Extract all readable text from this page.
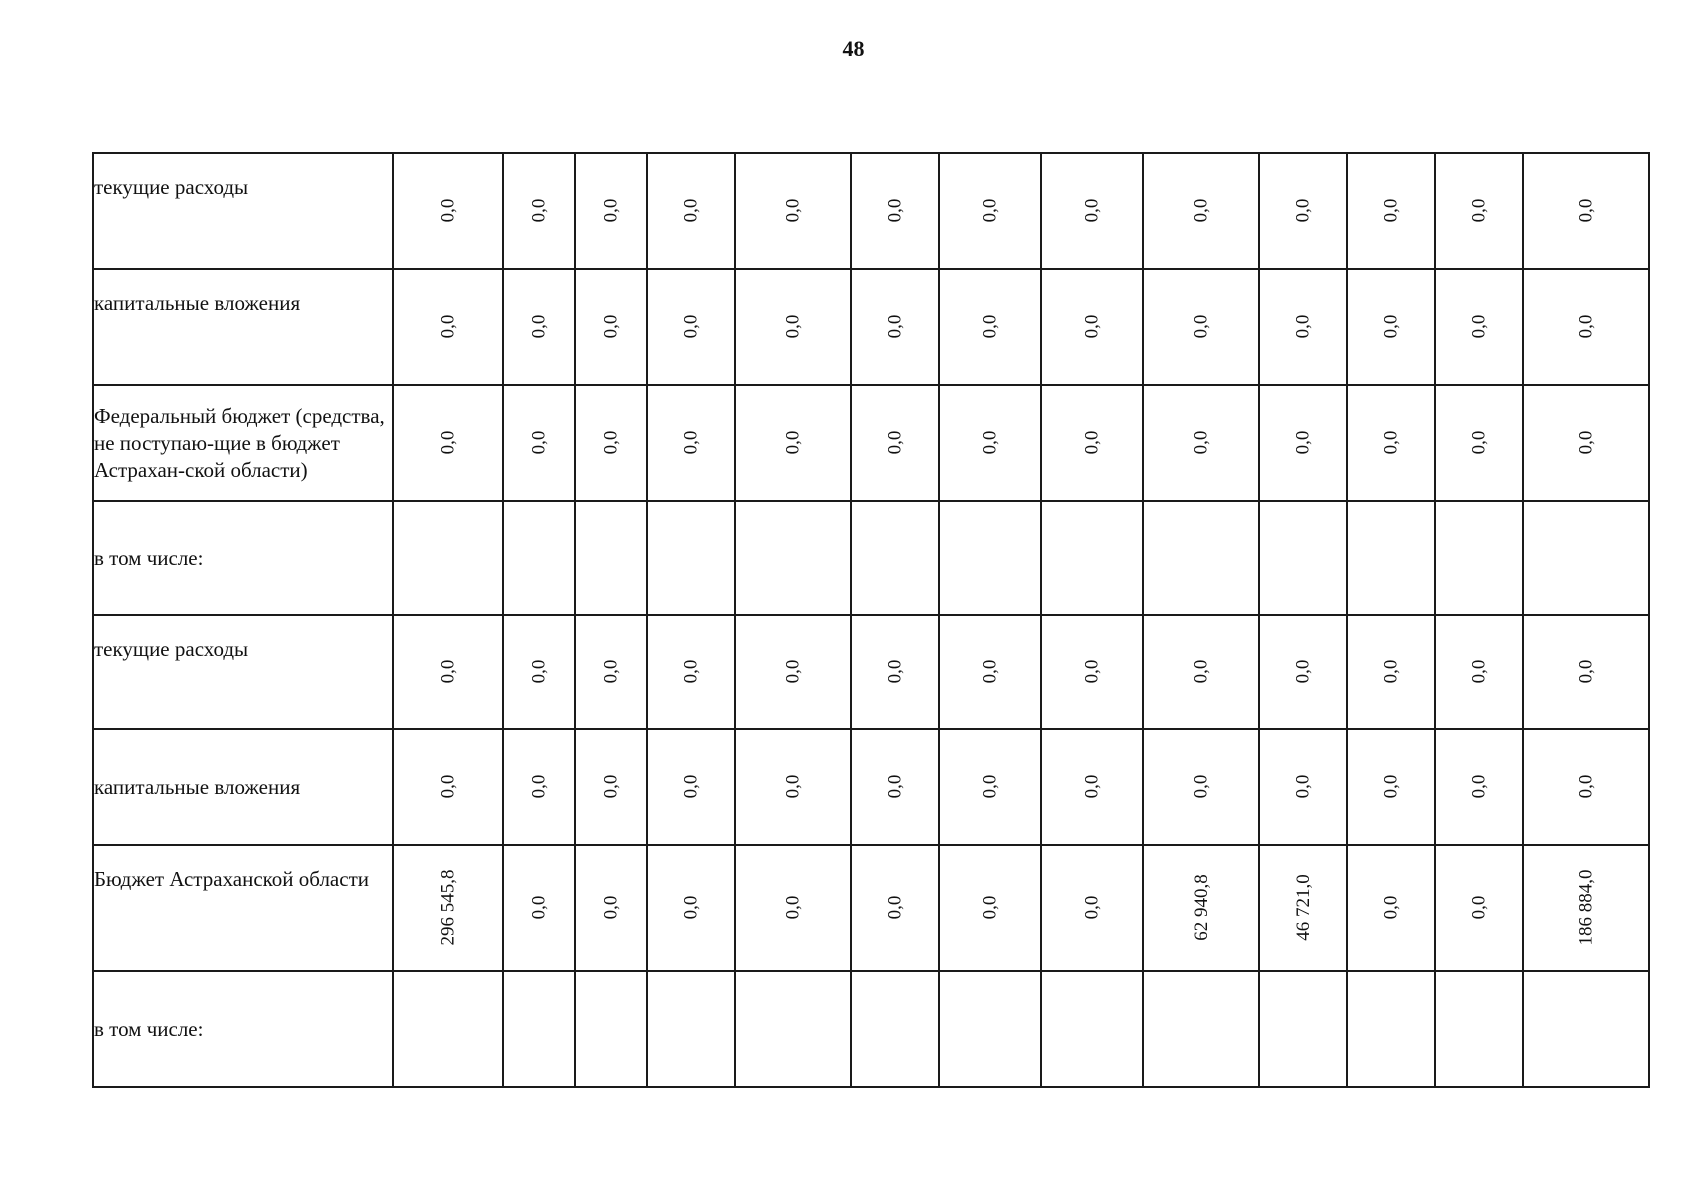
48
текущие расходы	0,0	0,0	0,0	0,0	0,0	0,0	0,0	0,0	0,0	0,0	0,0	0,0	0,0
капитальные вложения	0,0	0,0	0,0	0,0	0,0	0,0	0,0	0,0	0,0	0,0	0,0	0,0	0,0
Федеральный бюджет (средства, не поступаю-щие в бюджет Астрахан-ской области)	0,0	0,0	0,0	0,0	0,0	0,0	0,0	0,0	0,0	0,0	0,0	0,0	0,0
в том числе:													
текущие расходы	0,0	0,0	0,0	0,0	0,0	0,0	0,0	0,0	0,0	0,0	0,0	0,0	0,0
капитальные вложения	0,0	0,0	0,0	0,0	0,0	0,0	0,0	0,0	0,0	0,0	0,0	0,0	0,0
Бюджет Астраханской области	296 545,8	0,0	0,0	0,0	0,0	0,0	0,0	0,0	62 940,8	46 721,0	0,0	0,0	186 884,0
в том числе:													
